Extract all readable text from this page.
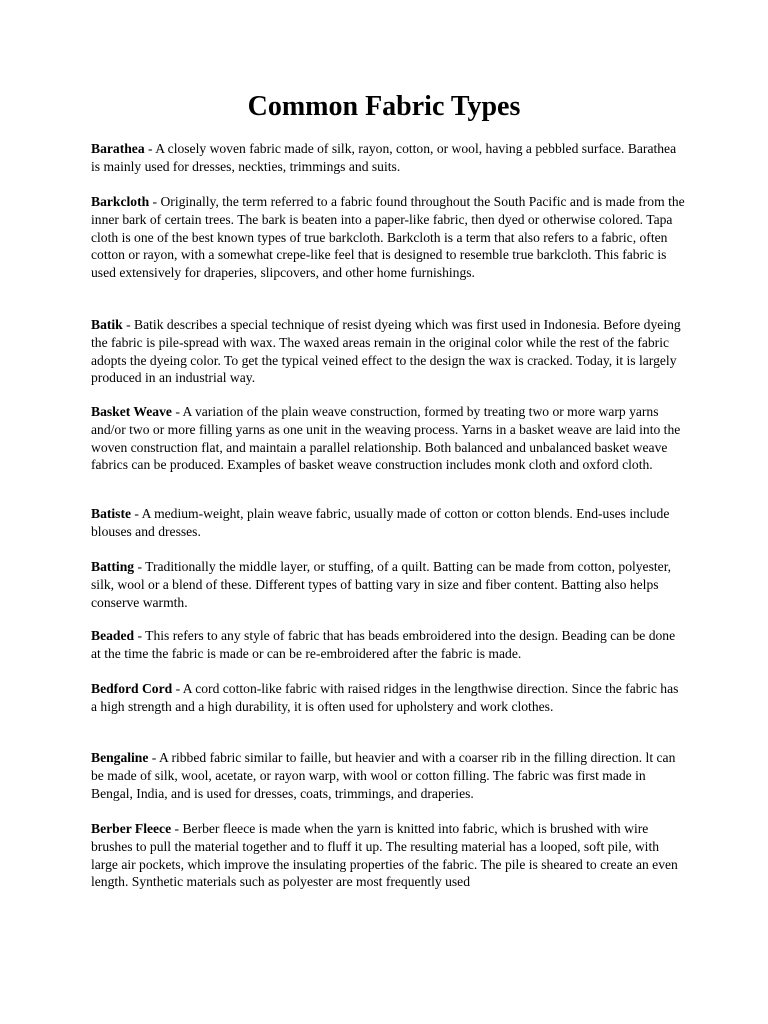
Common Fabric Types

Barathea - A closely woven fabric made of silk, rayon, cotton, or wool, having a pebbled surface. Barathea is mainly used for dresses, neckties, trimmings and suits.

Barkcloth - Originally, the term referred to a fabric found throughout the South Pacific and is made from the inner bark of certain trees. The bark is beaten into a paper-like fabric, then dyed or otherwise colored. Tapa cloth is one of the best known types of true barkcloth. Barkcloth is a term that also refers to a fabric, often cotton or rayon, with a somewhat crepe-like feel that is designed to resemble true barkcloth. This fabric is used extensively for draperies, slipcovers, and other home furnishings.

Batik - Batik describes a special technique of resist dyeing which was first used in Indonesia. Before dyeing the fabric is pile-spread with wax. The waxed areas remain in the original color while the rest of the fabric adopts the dyeing color. To get the typical veined effect to the design the wax is cracked. Today, it is largely produced in an industrial way.

Basket Weave - A variation of the plain weave construction, formed by treating two or more warp yarns and/or two or more filling yarns as one unit in the weaving process. Yarns in a basket weave are laid into the woven construction flat, and maintain a parallel relationship. Both balanced and unbalanced basket weave fabrics can be produced. Examples of basket weave construction includes monk cloth and oxford cloth.

Batiste - A medium-weight, plain weave fabric, usually made of cotton or cotton blends. End-uses include blouses and dresses.

Batting - Traditionally the middle layer, or stuffing, of a quilt. Batting can be made from cotton, polyester, silk, wool or a blend of these. Different types of batting vary in size and fiber content. Batting also helps conserve warmth.

Beaded - This refers to any style of fabric that has beads embroidered into the design. Beading can be done at the time the fabric is made or can be re-embroidered after the fabric is made.

Bedford Cord - A cord cotton-like fabric with raised ridges in the lengthwise direction. Since the fabric has a high strength and a high durability, it is often used for upholstery and work clothes.

Bengaline - A ribbed fabric similar to faille, but heavier and with a coarser rib in the filling direction. lt can be made of silk, wool, acetate, or rayon warp, with wool or cotton filling. The fabric was first made in Bengal, India, and is used for dresses, coats, trimmings, and draperies.

Berber Fleece - Berber fleece is made when the yarn is knitted into fabric, which is brushed with wire brushes to pull the material together and to fluff it up. The resulting material has a looped, soft pile, with large air pockets, which improve the insulating properties of the fabric. The pile is sheared to create an even length. Synthetic materials such as polyester are most frequently used
